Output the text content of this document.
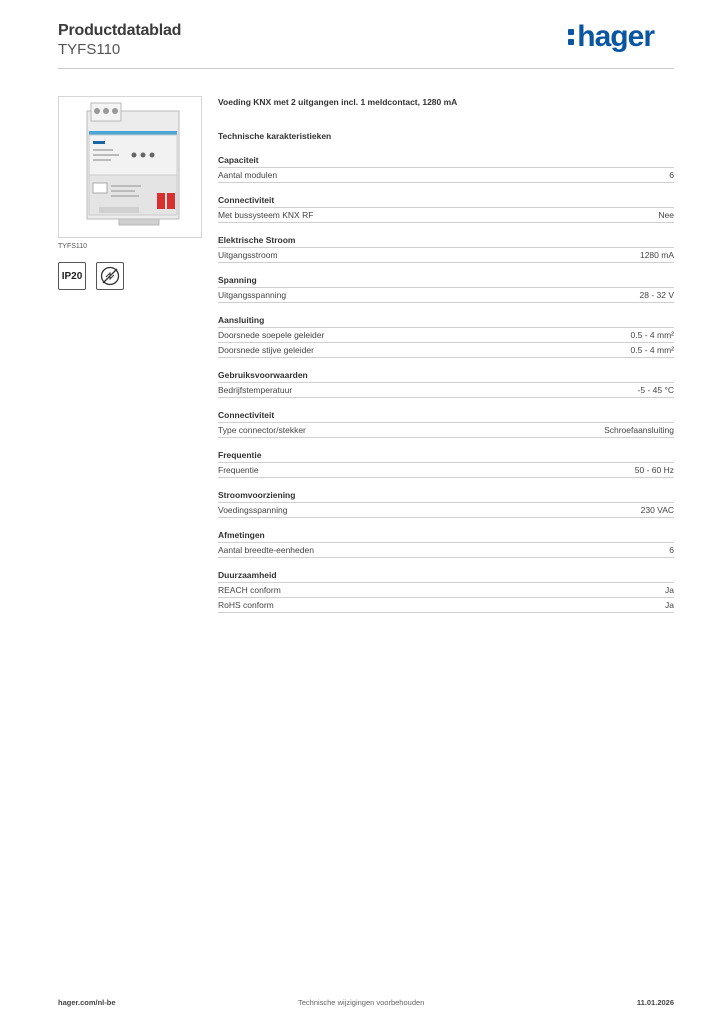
Productdatablad
TYFS110	hager
TYFS110
IP20
Voeding KNX met 2 uitgangen incl. 1 meldcontact, 1280 mA
Technische karakteristieken
Capaciteit
Aantal modulen	6
Connectiviteit
Met bussysteem KNX RF	Nee
Elektrische Stroom
Uitgangsstroom	1280 mA
Spanning
Uitgangsspanning	28 - 32 V
Aansluiting
Doorsnede soepele geleider	0.5 - 4 mm²
Doorsnede stijve geleider	0.5 - 4 mm²
Gebruiksvoorwaarden
Bedrijfstemperatuur	-5 - 45 °C
Connectiviteit
Type connector/stekker	Schroefaansluiting
Frequentie
Frequentie	50 - 60 Hz
Stroomvoorziening
Voedingsspanning	230 VAC
Afmetingen
Aantal breedte-eenheden	6
Duurzaamheid
REACH conform	Ja
RoHS conform	Ja
hager.com/nl-be	Technische wijzigingen voorbehouden	11.01.2026
